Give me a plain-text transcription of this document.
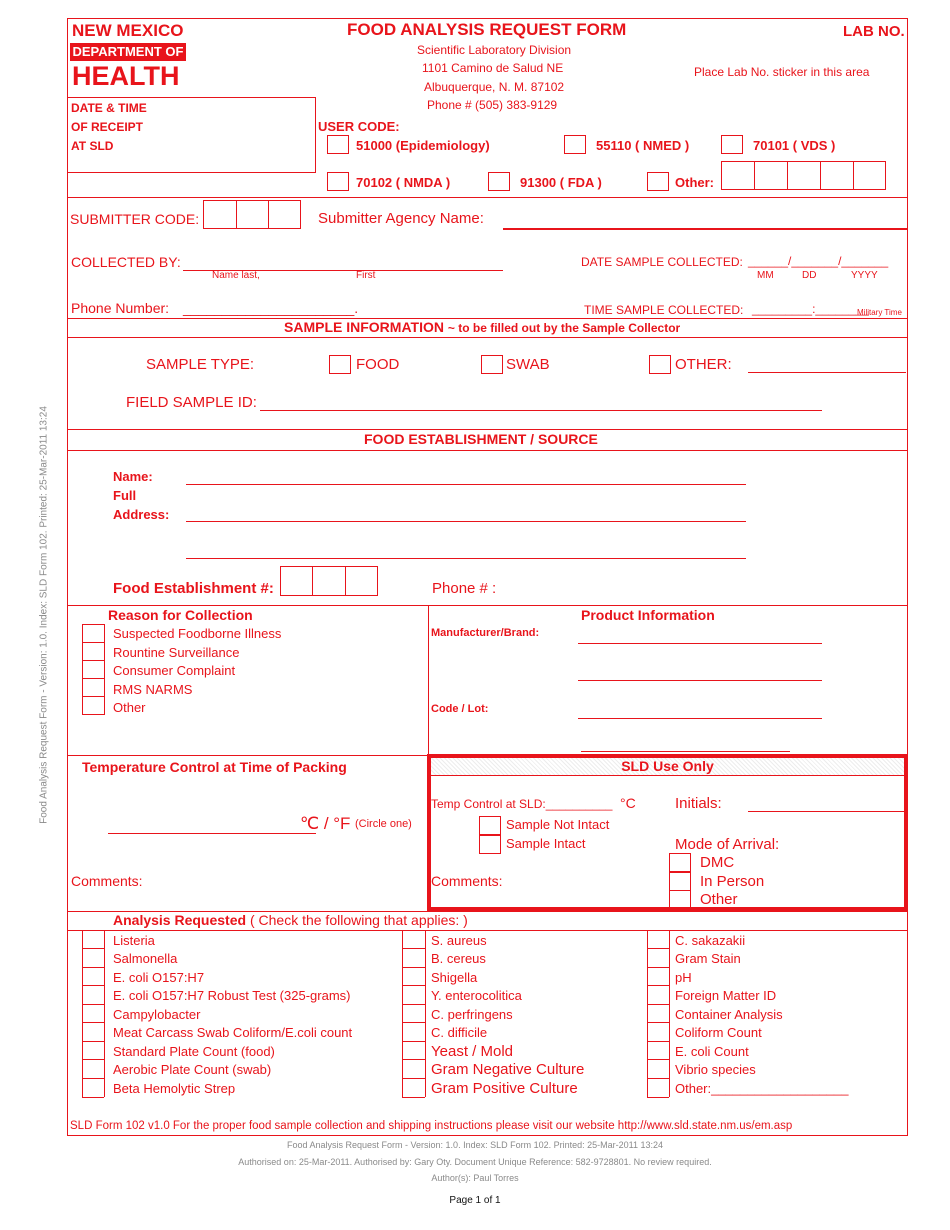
Food Analysis Request Form - Version: 1.0. Index: SLD Form 102. Printed: 25-Mar-2011 13:24
NEW MEXICO
DEPARTMENT OF
HEALTH
FOOD ANALYSIS REQUEST FORM
Scientific Laboratory Division
1101 Camino de Salud NE
Albuquerque, N. M. 87102
Phone # (505) 383-9129
LAB NO.
Place Lab No. sticker in this area
DATE & TIME
OF RECEIPT
AT SLD
USER CODE:
51000 (Epidemiology)	55110 ( NMED )	70101 ( VDS )
70102 ( NMDA )	91300 ( FDA )	Other:
SUBMITTER CODE:	Submitter Agency Name:
COLLECTED BY:
Name last,	First
DATE SAMPLE COLLECTED: ______/_______/_______
MM	DD	YYYY
Phone Number: ______________________.	TIME SAMPLE COLLECTED: _________:________
Military Time
SAMPLE INFORMATION ~ to be filled out by the Sample Collector
SAMPLE TYPE:	FOOD	SWAB	OTHER:
FIELD SAMPLE ID:
FOOD ESTABLISHMENT / SOURCE
Name:
Full
Address:
Food Establishment #:	Phone # :
Reason for Collection
Suspected Foodborne Illness
Rountine Surveillance
Consumer Complaint
RMS NARMS
Other
Product Information
Manufacturer/Brand:
Code / Lot:
Temperature Control at Time of Packing
℃ / °F (Circle one)
Comments:
SLD Use Only
Temp Control at SLD:__________ °C	Initials:
Sample Not Intact
Sample Intact	Mode of Arrival:
DMC
In Person
Other
Comments:
Analysis Requested ( Check the following that applies: )
Listeria
Salmonella
E. coli O157:H7
E. coli O157:H7 Robust Test (325-grams)
Campylobacter
Meat Carcass Swab Coliform/E.coli count
Standard Plate Count (food)
Aerobic Plate Count (swab)
Beta Hemolytic Strep
S. aureus
B. cereus
Shigella
Y. enterocolitica
C. perfringens
C. difficile
Yeast / Mold
Gram Negative Culture
Gram Positive Culture
C. sakazakii
Gram Stain
pH
Foreign Matter ID
Container Analysis
Coliform Count
E. coli Count
Vibrio species
Other:___________________
SLD Form 102 v1.0 For the proper food sample collection and shipping instructions please visit our website http://www.sld.state.nm.us/em.asp
Food Analysis Request Form - Version: 1.0. Index: SLD Form 102. Printed: 25-Mar-2011 13:24
Authorised on: 25-Mar-2011. Authorised by: Gary Oty. Document Unique Reference: 582-9728801. No review required.
Author(s): Paul Torres
Page 1 of 1
